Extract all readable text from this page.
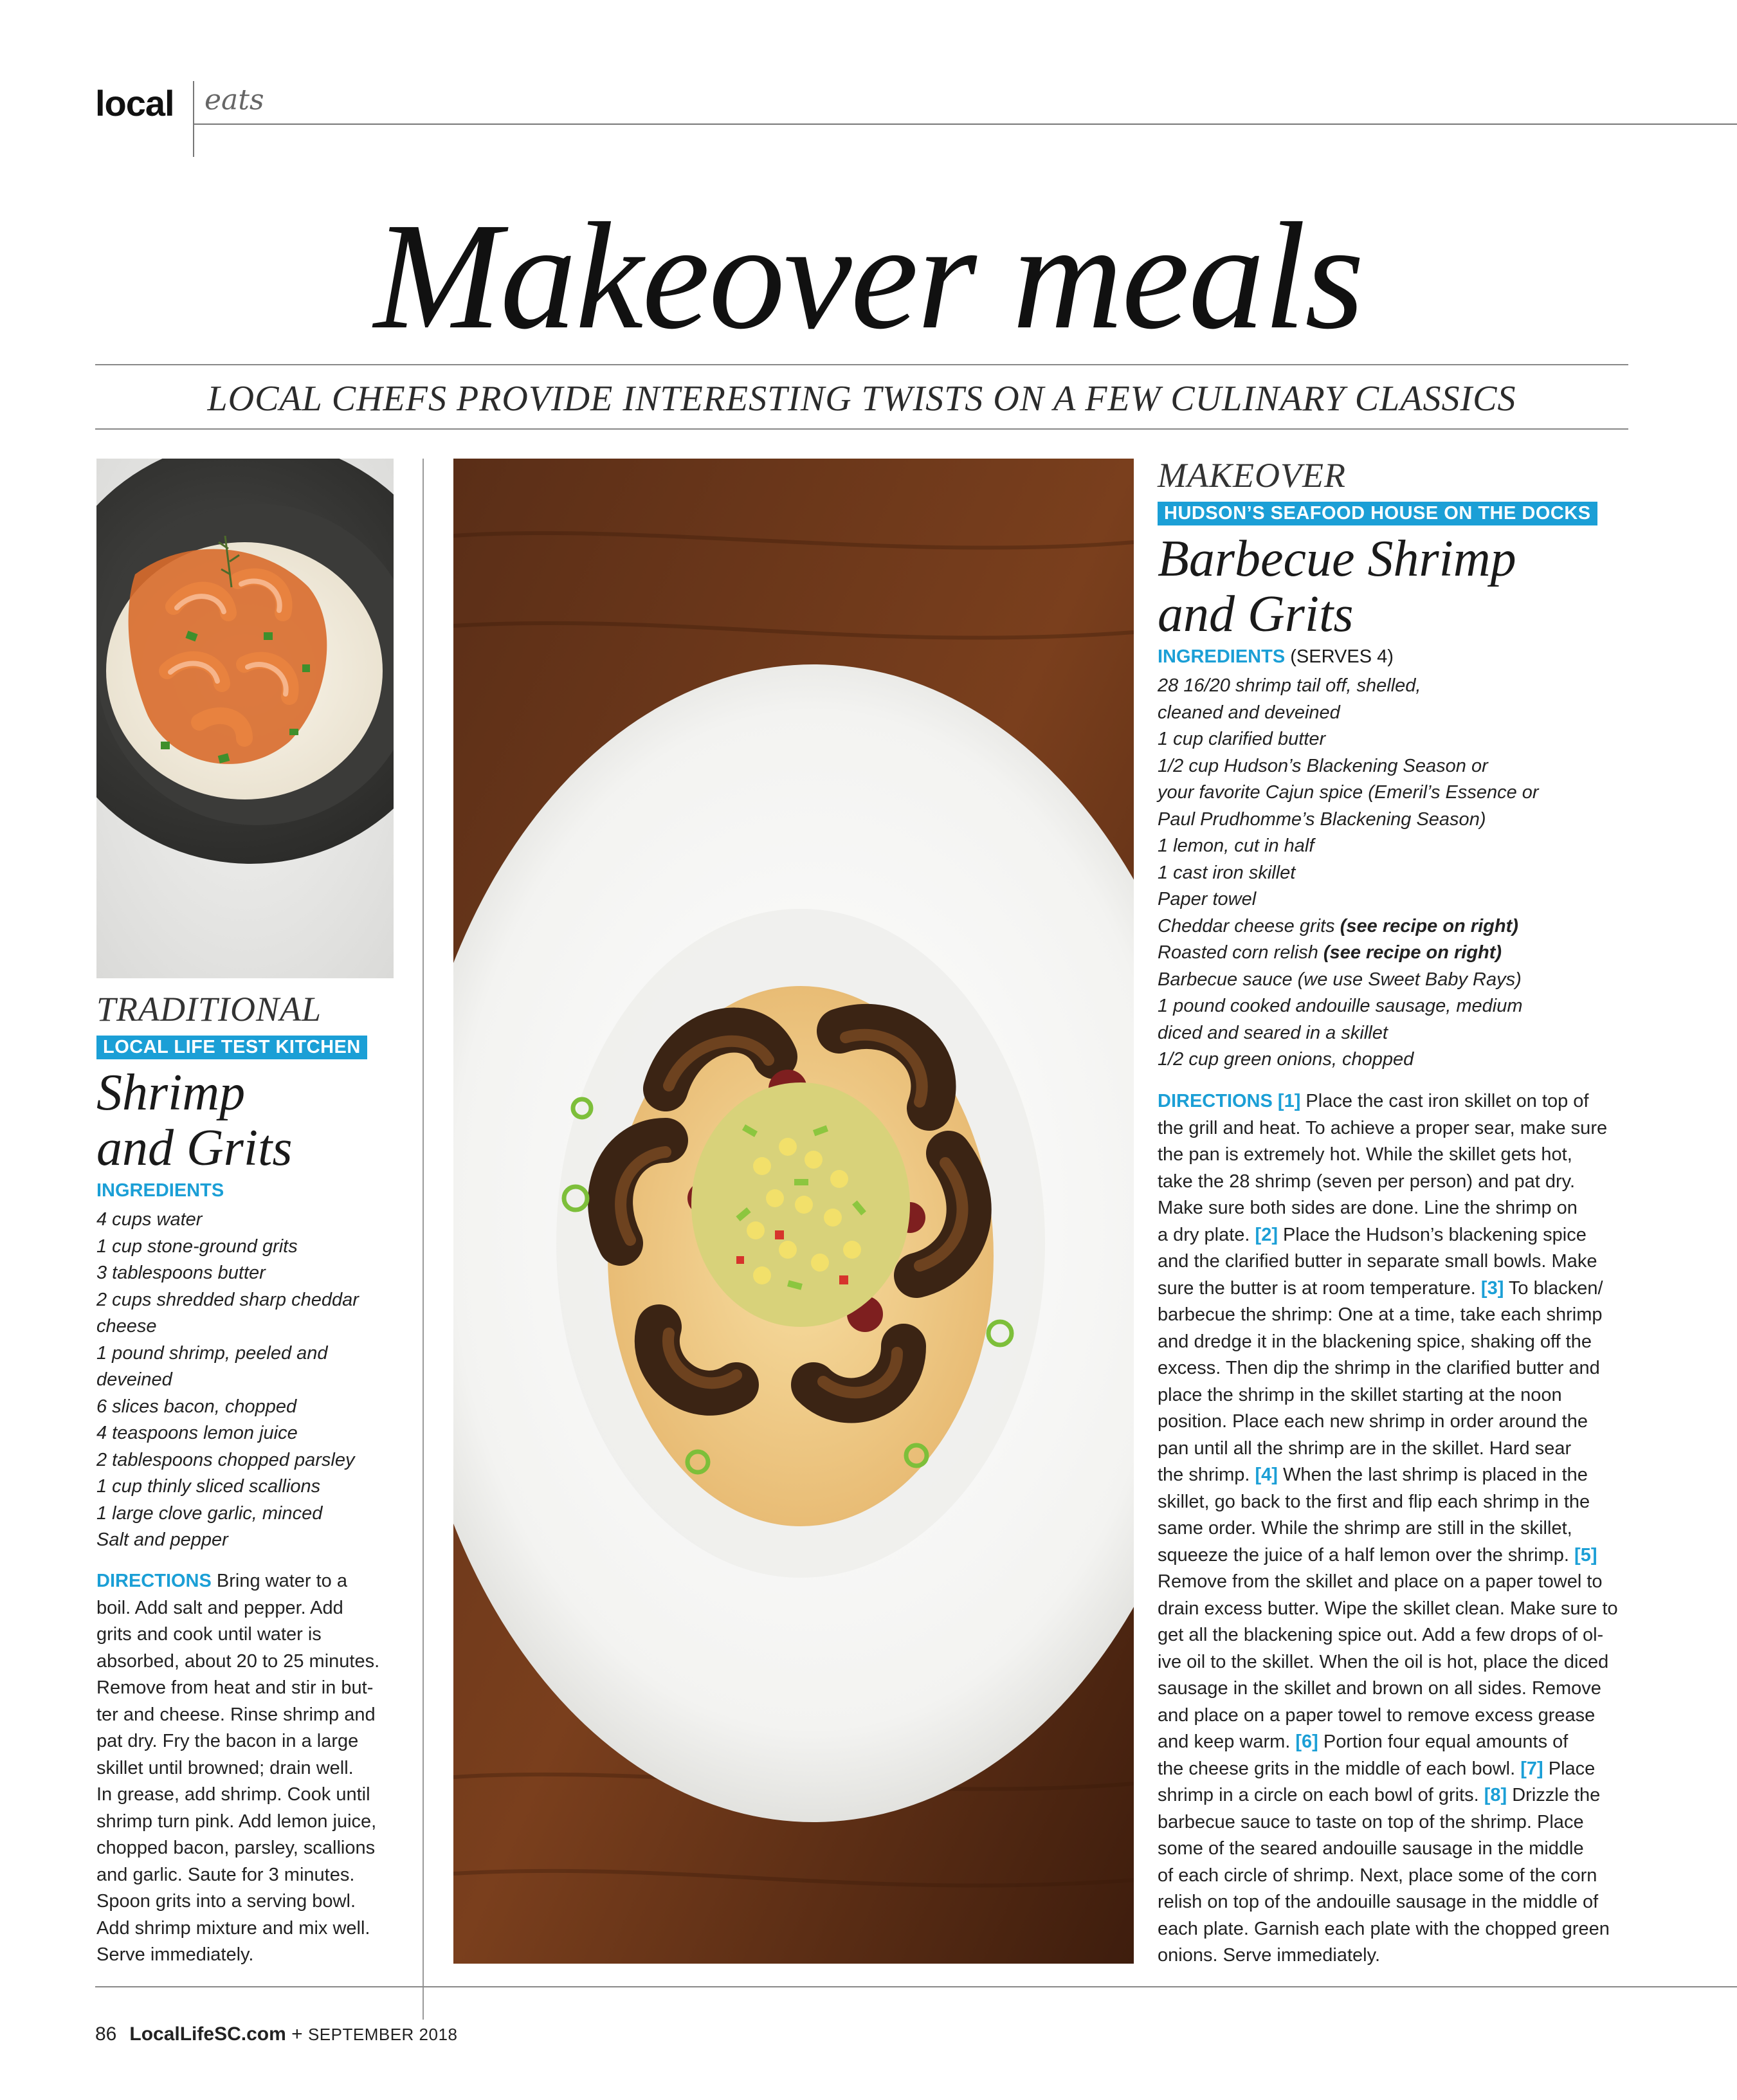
local eats
Makeover meals
LOCAL CHEFS PROVIDE INTERESTING TWISTS ON A FEW CULINARY CLASSICS
TRADITIONAL
LOCAL LIFE TEST KITCHEN
Shrimp
and Grits
INGREDIENTS
4 cups water
1 cup stone-ground grits
3 tablespoons butter
2 cups shredded sharp cheddar
cheese
1 pound shrimp, peeled and
deveined
6 slices bacon, chopped
4 teaspoons lemon juice
2 tablespoons chopped parsley
1 cup thinly sliced scallions
1 large clove garlic, minced
Salt and pepper
DIRECTIONS Bring water to a
boil. Add salt and pepper. Add
grits and cook until water is
absorbed, about 20 to 25 minutes.
Remove from heat and stir in but-
ter and cheese. Rinse shrimp and
pat dry. Fry the bacon in a large
skillet until browned; drain well.
In grease, add shrimp. Cook until
shrimp turn pink. Add lemon juice,
chopped bacon, parsley, scallions
and garlic. Saute for 3 minutes.
Spoon grits into a serving bowl.
Add shrimp mixture and mix well.
Serve immediately.
MAKEOVER
HUDSON’S SEAFOOD HOUSE ON THE DOCKS
Barbecue Shrimp
and Grits
INGREDIENTS (SERVES 4)
28 16/20 shrimp tail off, shelled,
cleaned and deveined
1 cup clarified butter
1/2 cup Hudson’s Blackening Season or
your favorite Cajun spice (Emeril’s Essence or
Paul Prudhomme’s Blackening Season)
1 lemon, cut in half
1 cast iron skillet
Paper towel
Cheddar cheese grits (see recipe on right)
Roasted corn relish (see recipe on right)
Barbecue sauce (we use Sweet Baby Rays)
1 pound cooked andouille sausage, medium
diced and seared in a skillet
1/2 cup green onions, chopped
DIRECTIONS [1] Place the cast iron skillet on top of
the grill and heat. To achieve a proper sear, make sure
the pan is extremely hot. While the skillet gets hot,
take the 28 shrimp (seven per person) and pat dry.
Make sure both sides are done. Line the shrimp on
a dry plate. [2] Place the Hudson’s blackening spice
and the clarified butter in separate small bowls. Make
sure the butter is at room temperature. [3] To blacken/
barbecue the shrimp: One at a time, take each shrimp
and dredge it in the blackening spice, shaking off the
excess. Then dip the shrimp in the clarified butter and
place the shrimp in the skillet starting at the noon
position. Place each new shrimp in order around the
pan until all the shrimp are in the skillet. Hard sear
the shrimp. [4] When the last shrimp is placed in the
skillet, go back to the first and flip each shrimp in the
same order. While the shrimp are still in the skillet,
squeeze the juice of a half lemon over the shrimp. [5]
Remove from the skillet and place on a paper towel to
drain excess butter. Wipe the skillet clean. Make sure to
get all the blackening spice out. Add a few drops of ol-
ive oil to the skillet. When the oil is hot, place the diced
sausage in the skillet and brown on all sides. Remove
and place on a paper towel to remove excess grease
and keep warm. [6] Portion four equal amounts of
the cheese grits in the middle of each bowl. [7] Place
shrimp in a circle on each bowl of grits. [8] Drizzle the
barbecue sauce to taste on top of the shrimp. Place
some of the seared andouille sausage in the middle
of each circle of shrimp. Next, place some of the corn
relish on top of the andouille sausage in the middle of
each plate. Garnish each plate with the chopped green
onions. Serve immediately.
86 LocalLifeSC.com + SEPTEMBER 2018
